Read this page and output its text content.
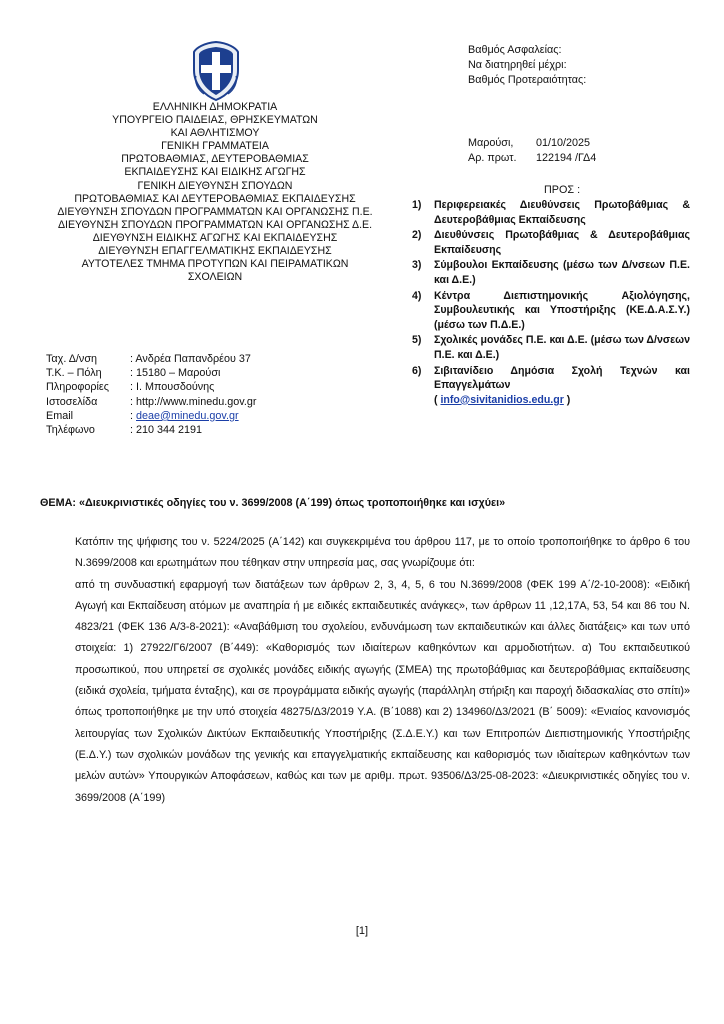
ΕΛΛΗΝΙΚΗ ΔΗΜΟΚΡΑΤΙΑ
ΥΠΟΥΡΓΕΙΟ ΠΑΙΔΕΙΑΣ, ΘΡΗΣΚΕΥΜΑΤΩΝ
ΚΑΙ ΑΘΛΗΤΙΣΜΟΥ
ΓΕΝΙΚΗ ΓΡΑΜΜΑΤΕΙΑ
ΠΡΩΤΟΒΑΘΜΙΑΣ, ΔΕΥΤΕΡΟΒΑΘΜΙΑΣ
ΕΚΠΑΙΔΕΥΣΗΣ ΚΑΙ ΕΙΔΙΚΗΣ ΑΓΩΓΗΣ
ΓΕΝΙΚΗ ΔΙΕΥΘΥΝΣΗ ΣΠΟΥΔΩΝ
ΠΡΩΤΟΒΑΘΜΙΑΣ ΚΑΙ ΔΕΥΤΕΡΟΒΑΘΜΙΑΣ ΕΚΠΑΙΔΕΥΣΗΣ
ΔΙΕΥΘΥΝΣΗ ΣΠΟΥΔΩΝ ΠΡΟΓΡΑΜΜΑΤΩΝ ΚΑΙ ΟΡΓΑΝΩΣΗΣ Π.Ε.
ΔΙΕΥΘΥΝΣΗ ΣΠΟΥΔΩΝ ΠΡΟΓΡΑΜΜΑΤΩΝ ΚΑΙ ΟΡΓΑΝΩΣΗΣ Δ.Ε.
ΔΙΕΥΘΥΝΣΗ ΕΙΔΙΚΗΣ ΑΓΩΓΗΣ ΚΑΙ ΕΚΠΑΙΔΕΥΣΗΣ
ΔΙΕΥΘΥΝΣΗ ΕΠΑΓΓΕΛΜΑΤΙΚΗΣ ΕΚΠΑΙΔΕΥΣΗΣ
ΑΥΤΟΤΕΛΕΣ ΤΜΗΜΑ ΠΡΟΤΥΠΩΝ ΚΑΙ ΠΕΙΡΑΜΑΤΙΚΩΝ
ΣΧΟΛΕΙΩΝ
Ταχ. Δ/νση	: Ανδρέα Παπανδρέου 37
Τ.Κ. – Πόλη	: 15180 – Μαρούσι
Πληροφορίες	: Ι. Μπουσδούνης
Ιστοσελίδα	: http://www.minedu.gov.gr
Email	: deae@minedu.gov.gr
Τηλέφωνο	: 210 344 2191
Βαθμός Ασφαλείας:
Να διατηρηθεί μέχρι:
Βαθμός Προτεραιότητας:
Μαρούσι,	01/10/2025
Αρ. πρωτ.	122194 /ΓΔ4
ΠΡΟΣ :
1)	Περιφερειακές Διευθύνσεις Πρωτοβάθμιας & Δευτεροβάθμιας Εκπαίδευσης
2)	Διευθύνσεις Πρωτοβάθμιας & Δευτεροβάθμιας Εκπαίδευσης
3)	Σύμβουλοι Εκπαίδευσης (μέσω των Δ/νσεων Π.Ε. και Δ.Ε.)
4)	Κέντρα Διεπιστημονικής Αξιολόγησης, Συμβουλευτικής και Υποστήριξης (ΚΕ.Δ.Α.Σ.Υ.) (μέσω των Π.Δ.Ε.)
5)	Σχολικές μονάδες Π.Ε. και Δ.Ε. (μέσω των Δ/νσεων Π.Ε. και Δ.Ε.)
6)	Σιβιτανίδειο Δημόσια Σχολή Τεχνών και Επαγγελμάτων
( info@sivitanidios.edu.gr )
ΘΕΜΑ: «Διευκρινιστικές οδηγίες του ν. 3699/2008 (Α΄199) όπως τροποποιήθηκε και ισχύει»

Κατόπιν της ψήφισης του ν. 5224/2025 (Α΄142) και συγκεκριμένα του άρθρου 117, με το οποίο τροποποιήθηκε το άρθρο 6 του Ν.3699/2008 και ερωτημάτων που τέθηκαν στην υπηρεσία μας, σας γνωρίζουμε ότι:

από τη συνδυαστική εφαρμογή των διατάξεων των άρθρων 2, 3, 4, 5, 6 του Ν.3699/2008 (ΦΕΚ 199 Α΄/2-10-2008): «Ειδική Αγωγή και Εκπαίδευση ατόμων με αναπηρία ή με ειδικές εκπαιδευτικές ανάγκες», των άρθρων 11 ,12,17Α, 53, 54 και 86 του Ν. 4823/21 (ΦΕΚ 136 Α/3-8-2021): «Αναβάθμιση του σχολείου, ενδυνάμωση των εκπαιδευτικών και άλλες διατάξεις» και των υπό στοιχεία: 1) 27922/Γ6/2007 (Β΄449): «Καθορισμός των ιδιαίτερων καθηκόντων και αρμοδιοτήτων. α) Του εκπαιδευτικού προσωπικού, που υπηρετεί σε σχολικές μονάδες ειδικής αγωγής (ΣΜΕΑ) της πρωτοβάθμιας και δευτεροβάθμιας εκπαίδευσης (ειδικά σχολεία, τμήματα ένταξης), και σε προγράμματα ειδικής αγωγής (παράλληλη στήριξη και παροχή διδασκαλίας στο σπίτι)» όπως τροποποιήθηκε με την υπό στοιχεία 48275/Δ3/2019 Υ.Α. (Β΄1088) και 2) 134960/Δ3/2021 (Β΄ 5009): «Ενιαίος κανονισμός λειτουργίας των Σχολικών Δικτύων Εκπαιδευτικής Υποστήριξης (Σ.Δ.Ε.Υ.) και των Επιτροπών Διεπιστημονικής Υποστήριξης (Ε.Δ.Υ.) των σχολικών μονάδων της γενικής και επαγγελματικής εκπαίδευσης και καθορισμός των ιδιαίτερων καθηκόντων των μελών αυτών» Υπουργικών Αποφάσεων, καθώς και των με αριθμ. πρωτ. 93506/Δ3/25-08-2023: «Διευκρινιστικές οδηγίες του ν. 3699/2008 (Α΄199)

[1]
